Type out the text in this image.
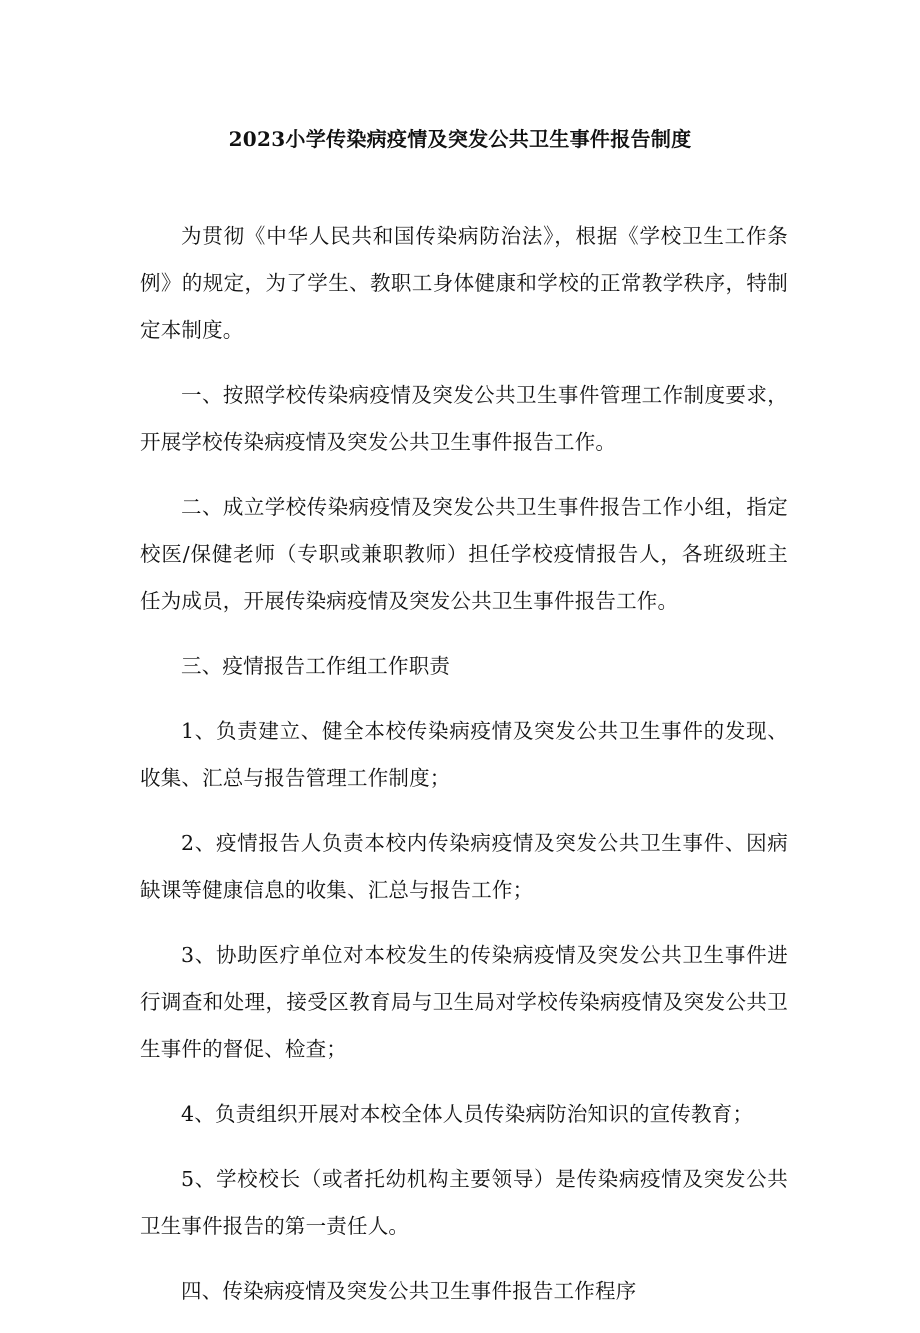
2023小学传染病疫情及突发公共卫生事件报告制度

为贯彻《中华人民共和国传染病防治法》，根据《学校卫生工作条例》的规定，为了学生、教职工身体健康和学校的正常教学秩序，特制定本制度。

一、按照学校传染病疫情及突发公共卫生事件管理工作制度要求，开展学校传染病疫情及突发公共卫生事件报告工作。

二、成立学校传染病疫情及突发公共卫生事件报告工作小组，指定校医/保健老师（专职或兼职教师）担任学校疫情报告人，各班级班主任为成员，开展传染病疫情及突发公共卫生事件报告工作。

三、疫情报告工作组工作职责

1、负责建立、健全本校传染病疫情及突发公共卫生事件的发现、收集、汇总与报告管理工作制度；

2、疫情报告人负责本校内传染病疫情及突发公共卫生事件、因病缺课等健康信息的收集、汇总与报告工作；

3、协助医疗单位对本校发生的传染病疫情及突发公共卫生事件进行调查和处理，接受区教育局与卫生局对学校传染病疫情及突发公共卫生事件的督促、检查；

4、负责组织开展对本校全体人员传染病防治知识的宣传教育；

5、学校校长（或者托幼机构主要领导）是传染病疫情及突发公共卫生事件报告的第一责任人。

四、传染病疫情及突发公共卫生事件报告工作程序
